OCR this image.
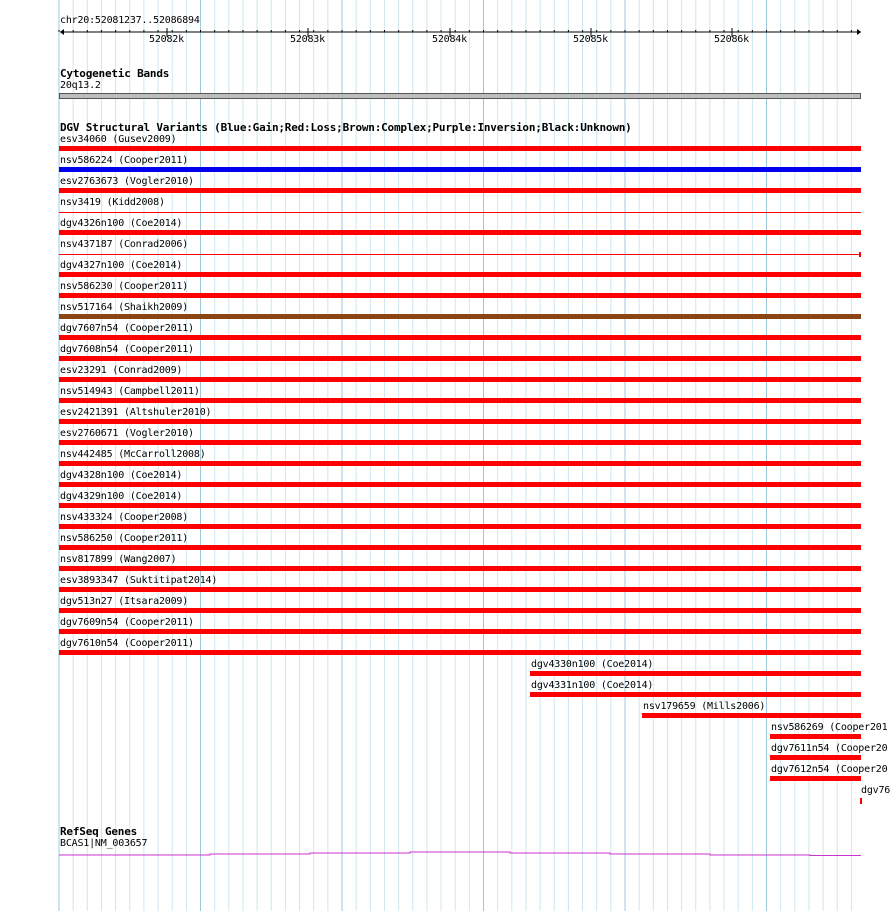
chr20:52081237..52086894
52082k	52083k	52084k	52085k	52086k
Cytogenetic Bands
20q13.2
DGV Structural Variants (Blue:Gain;Red:Loss;Brown:Complex;Purple:Inversion;Black:Unknown)
esv34060 (Gusev2009)
nsv586224 (Cooper2011)
esv2763673 (Vogler2010)
nsv3419 (Kidd2008)
dgv4326n100 (Coe2014)
nsv437187 (Conrad2006)
dgv4327n100 (Coe2014)
nsv586230 (Cooper2011)
nsv517164 (Shaikh2009)
dgv7607n54 (Cooper2011)
dgv7608n54 (Cooper2011)
esv23291 (Conrad2009)
nsv514943 (Campbell2011)
esv2421391 (Altshuler2010)
esv2760671 (Vogler2010)
nsv442485 (McCarroll2008)
dgv4328n100 (Coe2014)
dgv4329n100 (Coe2014)
nsv433324 (Cooper2008)
nsv586250 (Cooper2011)
nsv817899 (Wang2007)
esv3893347 (Suktitipat2014)
dgv513n27 (Itsara2009)
dgv7609n54 (Cooper2011)
dgv7610n54 (Cooper2011)
dgv4330n100 (Coe2014)
dgv4331n100 (Coe2014)
nsv179659 (Mills2006)
nsv586269 (Cooper201
dgv7611n54 (Cooper20
dgv7612n54 (Cooper20
dgv76
RefSeq Genes
BCAS1|NM_003657
